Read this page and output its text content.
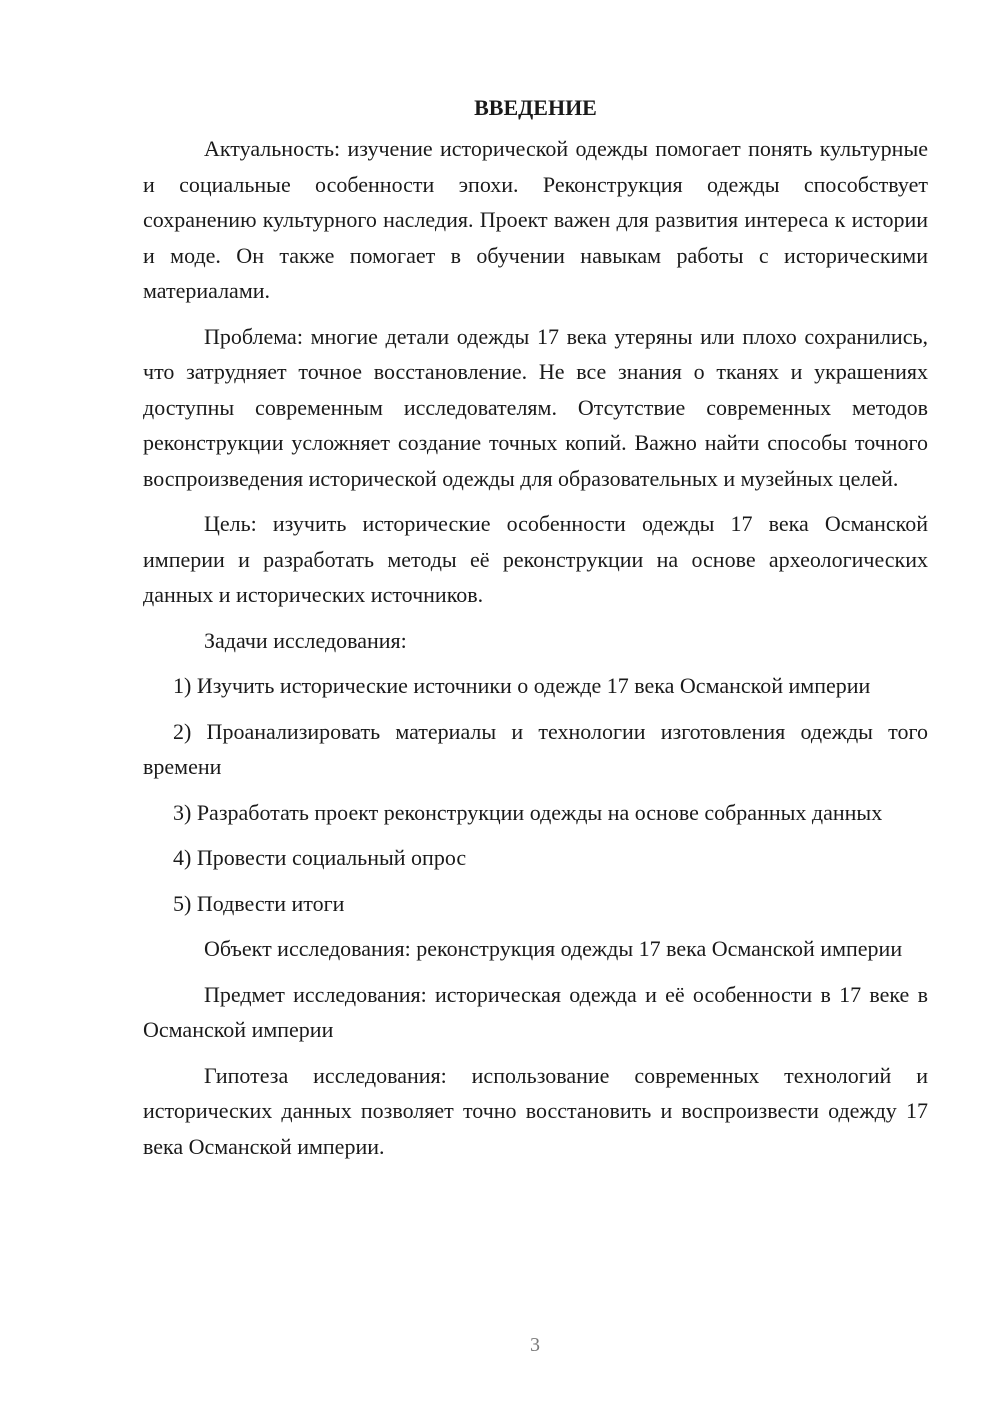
ВВЕДЕНИЕ

Актуальность: изучение исторической одежды помогает понять культурные и социальные особенности эпохи. Реконструкция одежды способствует сохранению культурного наследия. Проект важен для развития интереса к истории и моде. Он также помогает в обучении навыкам работы с историческими материалами.

Проблема: многие детали одежды 17 века утеряны или плохо сохранились, что затрудняет точное восстановление. Не все знания о тканях и украшениях доступны современным исследователям. Отсутствие современных методов реконструкции усложняет создание точных копий. Важно найти способы точного воспроизведения исторической одежды для образовательных и музейных целей.

Цель: изучить исторические особенности одежды 17 века Османской империи и разработать методы её реконструкции на основе археологических данных и исторических источников.

Задачи исследования:

1) Изучить исторические источники о одежде 17 века Османской империи

2) Проанализировать материалы и технологии изготовления одежды того времени

3) Разработать проект реконструкции одежды на основе собранных данных

4) Провести социальный опрос

5) Подвести итоги

Объект исследования: реконструкция одежды 17 века Османской империи

Предмет исследования: историческая одежда и её особенности в 17 веке в Османской империи

Гипотеза исследования: использование современных технологий и исторических данных позволяет точно восстановить и воспроизвести одежду 17 века Османской империи.

3
